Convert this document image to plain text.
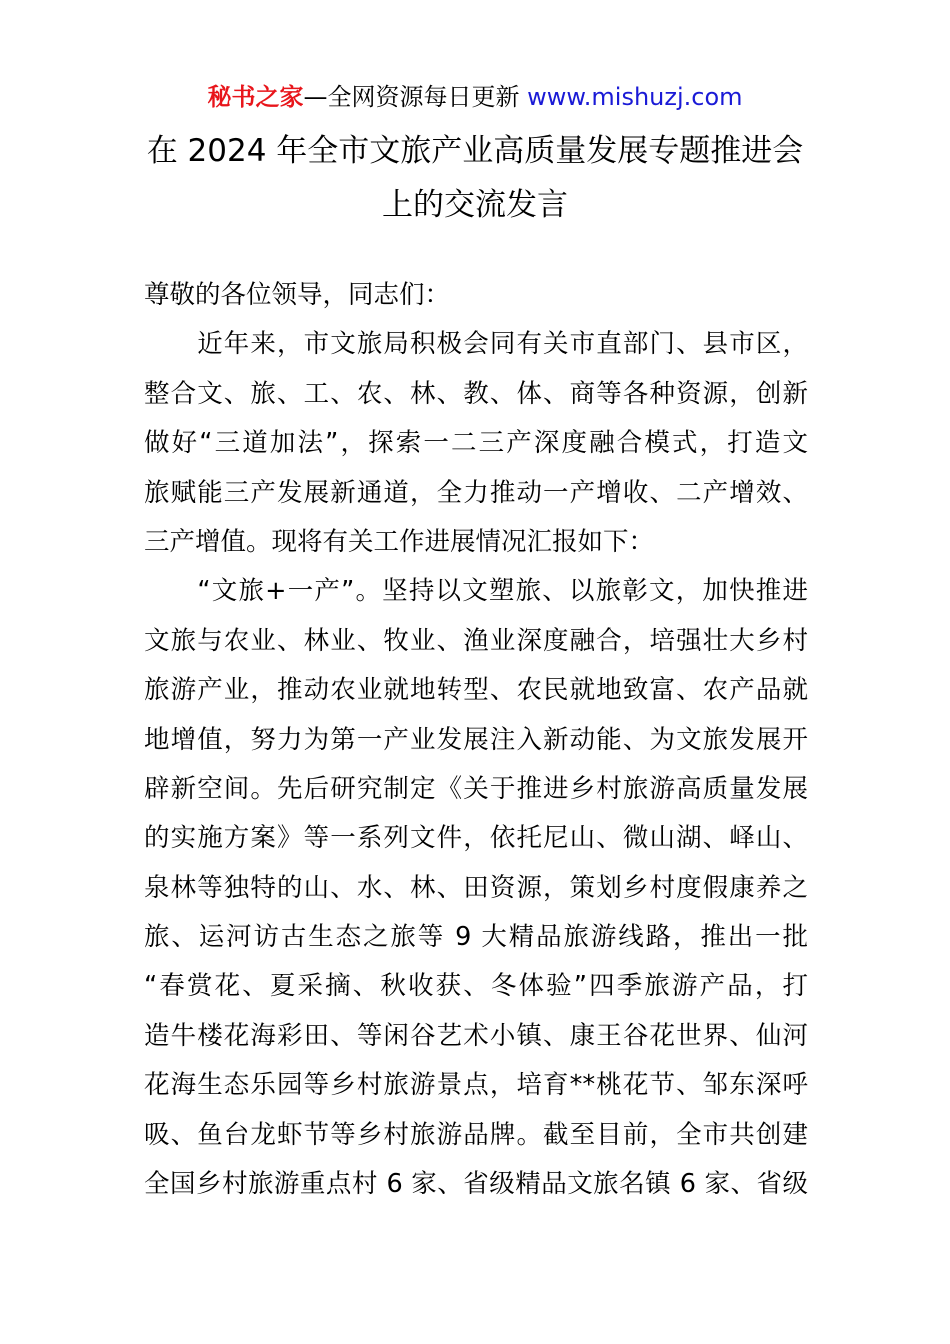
秘书之家—全网资源每日更新 www.mishuzj.com
在 2024 年全市文旅产业高质量发展专题推进会
上的交流发言
尊敬的各位领导，同志们：
　　近年来，市文旅局积极会同有关市直部门、县市区，
整合文、旅、工、农、林、教、体、商等各种资源，创新
做好“三道加法”，探索一二三产深度融合模式，打造文
旅赋能三产发展新通道，全力推动一产增收、二产增效、
三产增值。现将有关工作进展情况汇报如下：
　　“文旅+一产”。坚持以文塑旅、以旅彰文，加快推进
文旅与农业、林业、牧业、渔业深度融合，培强壮大乡村
旅游产业，推动农业就地转型、农民就地致富、农产品就
地增值，努力为第一产业发展注入新动能、为文旅发展开
辟新空间。先后研究制定《关于推进乡村旅游高质量发展
的实施方案》等一系列文件，依托尼山、微山湖、峄山、
泉林等独特的山、水、林、田资源，策划乡村度假康养之
旅、运河访古生态之旅等 9 大精品旅游线路，推出一批
“春赏花、夏采摘、秋收获、冬体验”四季旅游产品，打
造牛楼花海彩田、等闲谷艺术小镇、康王谷花世界、仙河
花海生态乐园等乡村旅游景点，培育**桃花节、邹东深呼
吸、鱼台龙虾节等乡村旅游品牌。截至目前，全市共创建
全国乡村旅游重点村 6 家、省级精品文旅名镇 6 家、省级
